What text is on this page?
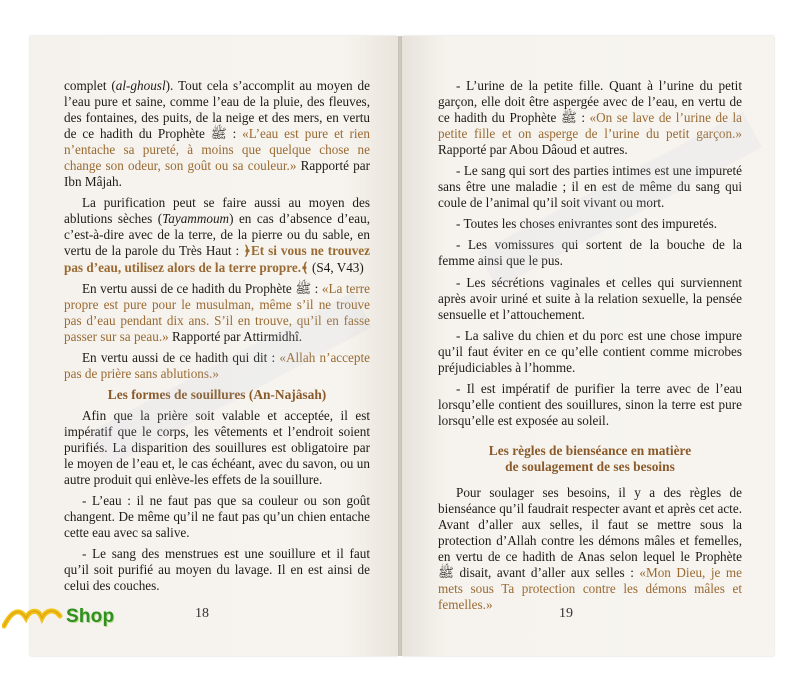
complet (al-ghousl). Tout cela s’accomplit au moyen de l’eau pure et saine, comme l’eau de la pluie, des fleuves, des fontaines, des puits, de la neige et des mers, en vertu de ce hadith du Prophète ﷺ : «L’eau est pure et rien n’entache sa pureté, à moins que quelque chose ne change son odeur, son goût ou sa couleur.» Rapporté par Ibn Mâjah.

La purification peut se faire aussi au moyen des ablutions sèches (Tayammoum) en cas d’absence d’eau, c’est-à-dire avec de la terre, de la pierre ou du sable, en vertu de la parole du Très Haut : ﴿Et si vous ne trouvez pas d’eau, utilisez alors de la terre propre.﴾ (S4, V43)

En vertu aussi de ce hadith du Prophète ﷺ : «La terre propre est pure pour le musulman, même s’il ne trouve pas d’eau pendant dix ans. S’il en trouve, qu’il en fasse passer sur sa peau.» Rapporté par Attirmidhî.

En vertu aussi de ce hadith qui dit : «Allah n’accepte pas de prière sans ablutions.»

Les formes de souillures (An-Najâsah)

Afin que la prière soit valable et acceptée, il est impératif que le corps, les vêtements et l’endroit soient purifiés. La disparition des souillures est obligatoire par le moyen de l’eau et, le cas échéant, avec du savon, ou un autre produit qui enlève-les effets de la souillure.

- L’eau : il ne faut pas que sa couleur ou son goût changent. De même qu’il ne faut pas qu’un chien entache cette eau avec sa salive.

- Le sang des menstrues est une souillure et il faut qu’il soit purifié au moyen du lavage. Il en est ainsi de celui des couches.

18

- L’urine de la petite fille. Quant à l’urine du petit garçon, elle doit être aspergée avec de l’eau, en vertu de ce hadith du Prophète ﷺ : «On se lave de l’urine de la petite fille et on asperge de l’urine du petit garçon.» Rapporté par Abou Dâoud et autres.

- Le sang qui sort des parties intimes est une impureté sans être une maladie ; il en est de même du sang qui coule de l’animal qu’il soit vivant ou mort.

- Toutes les choses enivrantes sont des impuretés.

- Les vomissures qui sortent de la bouche de la femme ainsi que le pus.

- Les sécrétions vaginales et celles qui surviennent après avoir uriné et suite à la relation sexuelle, la pensée sensuelle et l’attouchement.

- La salive du chien et du porc est une chose impure qu’il faut éviter en ce qu’elle contient comme microbes préjudiciables à l’homme.

- Il est impératif de purifier la terre avec de l’eau lorsqu’elle contient des souillures, sinon la terre est pure lorsqu’elle est exposée au soleil.

Les règles de bienséance en matière
de soulagement de ses besoins

Pour soulager ses besoins, il y a des règles de bienséance qu’il faudrait respecter avant et après cet acte. Avant d’aller aux selles, il faut se mettre sous la protection d’Allah contre les démons mâles et femelles, en vertu de ce hadith de Anas selon lequel le Prophète ﷺ disait, avant d’aller aux selles : «Mon Dieu, je me mets sous Ta protection contre les démons mâles et femelles.»

19
Shop
